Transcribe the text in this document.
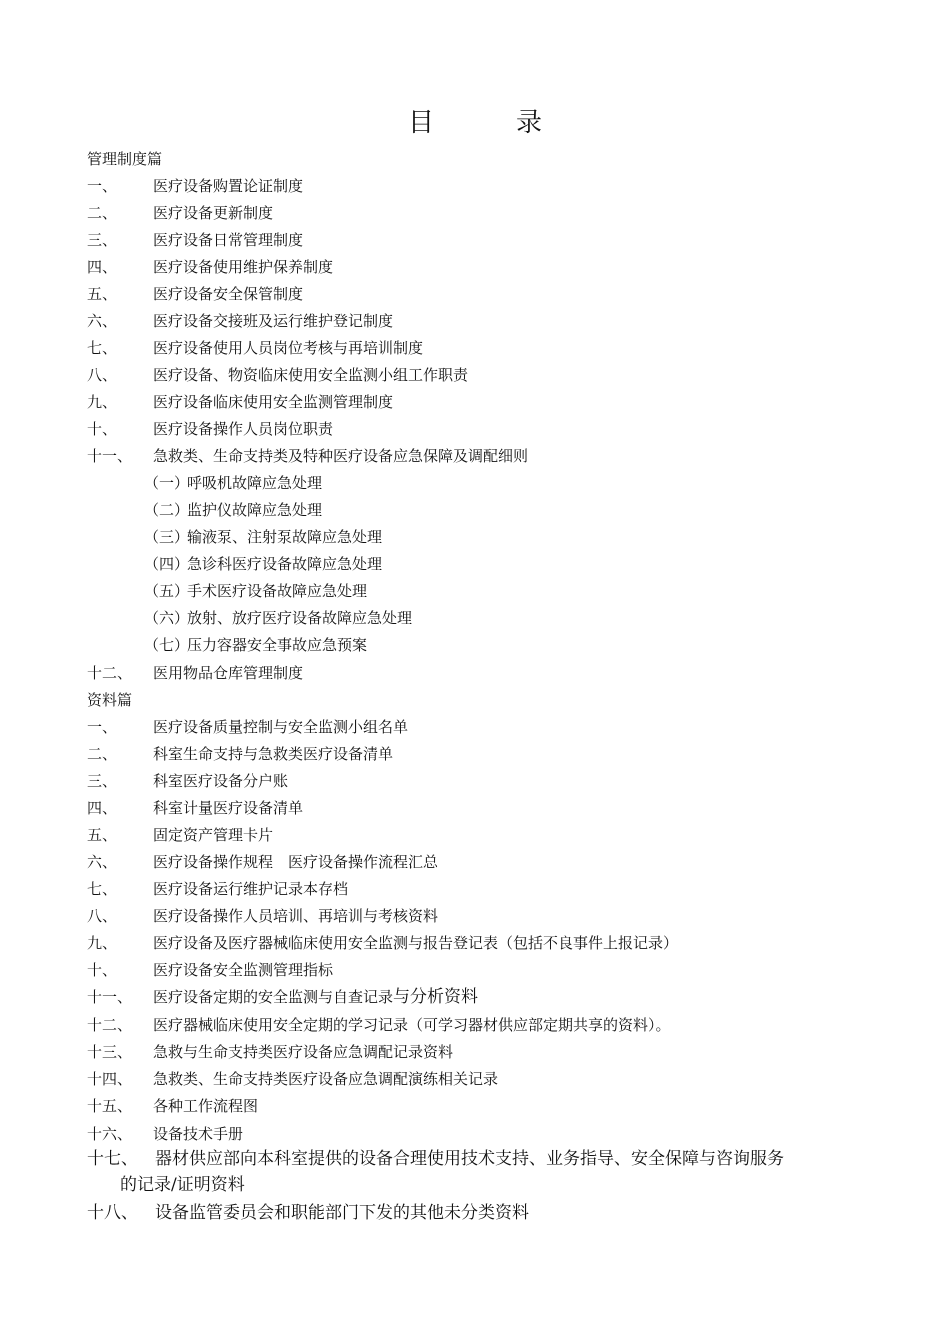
目	录
管理制度篇
一、 医疗设备购置论证制度
二、 医疗设备更新制度
三、 医疗设备日常管理制度
四、 医疗设备使用维护保养制度
五、 医疗设备安全保管制度
六、 医疗设备交接班及运行维护登记制度
七、 医疗设备使用人员岗位考核与再培训制度
八、 医疗设备、物资临床使用安全监测小组工作职责
九、 医疗设备临床使用安全监测管理制度
十、 医疗设备操作人员岗位职责
十一、 急救类、生命支持类及特种医疗设备应急保障及调配细则
（一）
呼吸机故障应急处理
（二）
监护仪故障应急处理
（三）
输液泵、注射泵故障应急处理
（四）
急诊科医疗设备故障应急处理
（五）
手术医疗设备故障应急处理
（六）
放射、放疗医疗设备故障应急处理
（七）
压力容器安全事故应急预案
十二、 医用物品仓库管理制度
资料篇
一、 医疗设备质量控制与安全监测小组名单
二、 科室生命支持与急救类医疗设备清单
三、 科室医疗设备分户账
四、 科室计量医疗设备清单
五、 固定资产管理卡片
六、 医疗设备操作规程　医疗设备操作流程汇总
七、 医疗设备运行维护记录本存档
八、 医疗设备操作人员培训、再培训与考核资料
九、 医疗设备及医疗器械临床使用安全监测与报告登记表（包括不良事件上报记录）
十、 医疗设备安全监测管理指标
十一、 医疗设备定期的安全监测与自查记录与分析资料
十二、 医疗器械临床使用安全定期的学习记录（可学习器材供应部定期共享的资料）。
十三、 急救与生命支持类医疗设备应急调配记录资料
十四、 急救类、生命支持类医疗设备应急调配演练相关记录
十五、 各种工作流程图
十六、 设备技术手册
十七、 器材供应部向本科室提供的设备合理使用技术支持、业务指导、安全保障与咨询服务
的记录/证明资料
十八、 设备监管委员会和职能部门下发的其他未分类资料
